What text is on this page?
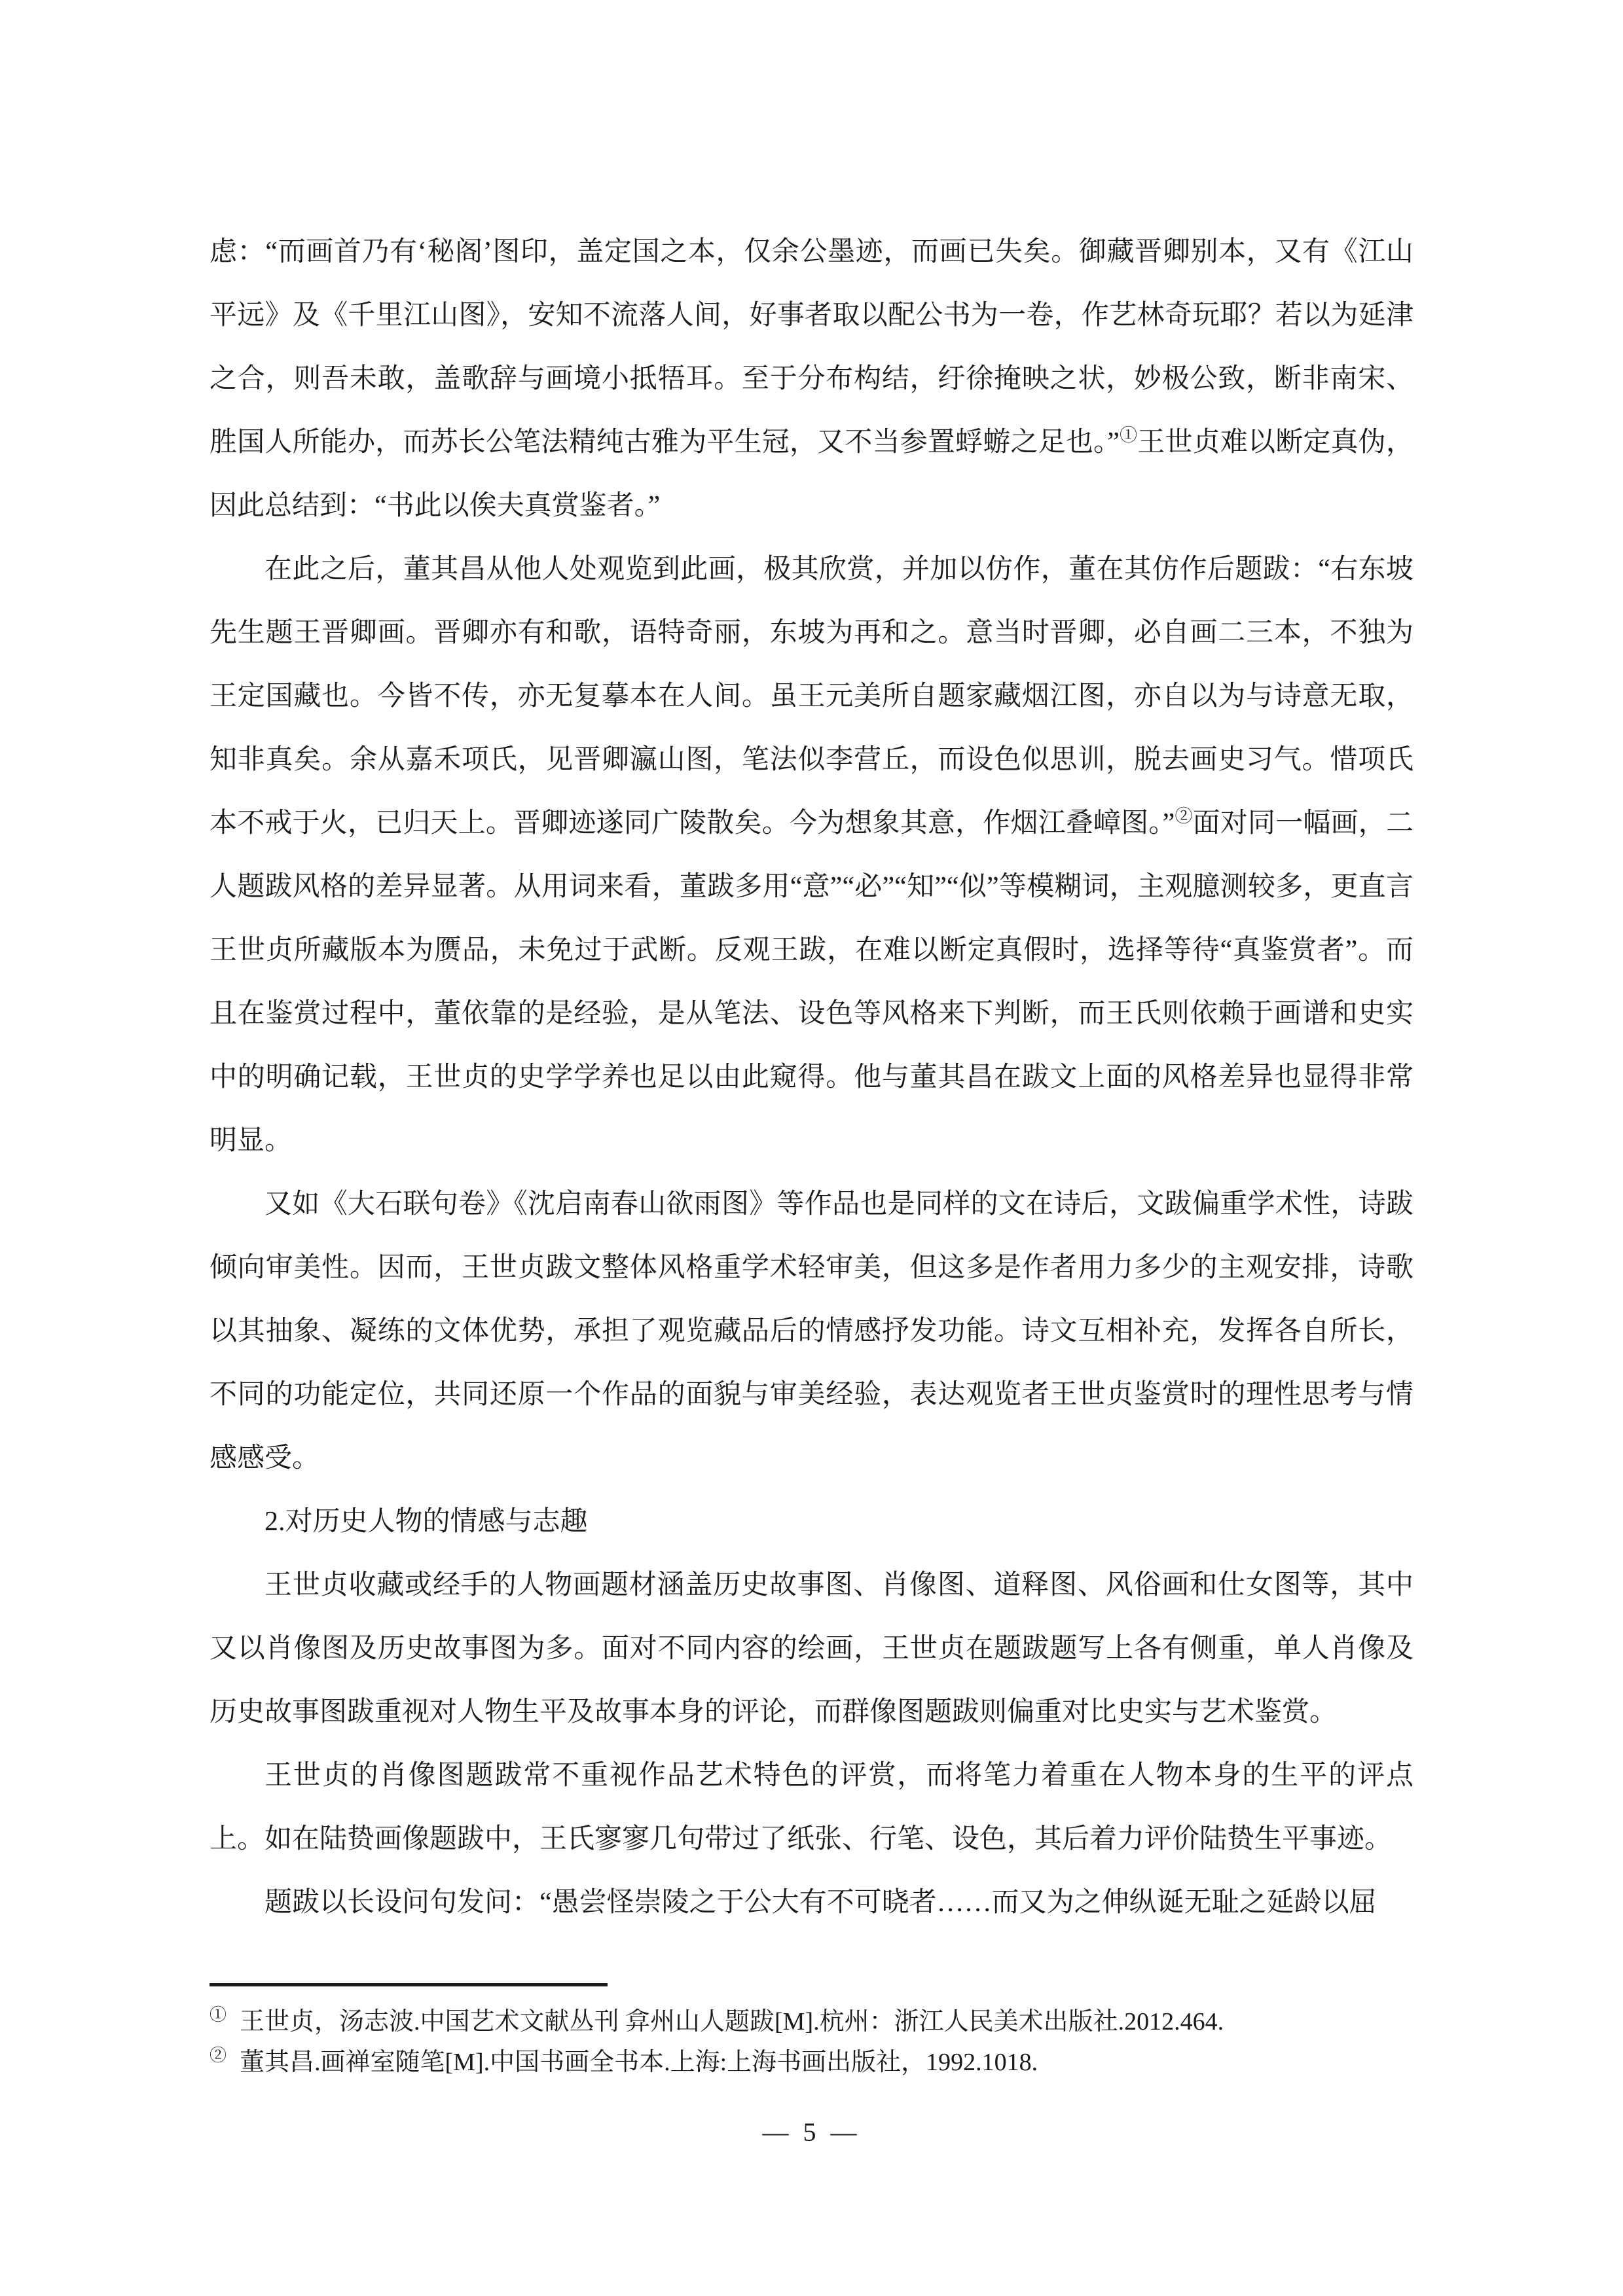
虑：“而画首乃有‘秘阁’图印，盖定国之本，仅余公墨迹，而画已失矣。御藏晋卿别本，又有《江山平远》及《千里江山图》，安知不流落人间，好事者取以配公书为一卷，作艺林奇玩耶？若以为延津之合，则吾未敢，盖歌辞与画境小抵牾耳。至于分布构结，纡徐掩映之状，妙极公致，断非南宋、胜国人所能办，而苏长公笔法精纯古雅为平生冠，又不当参置蜉蝣之足也。”①王世贞难以断定真伪，因此总结到：“书此以俟夫真赏鉴者。”

在此之后，董其昌从他人处观览到此画，极其欣赏，并加以仿作，董在其仿作后题跋：“右东坡先生题王晋卿画。晋卿亦有和歌，语特奇丽，东坡为再和之。意当时晋卿，必自画二三本，不独为王定国藏也。今皆不传，亦无复摹本在人间。虽王元美所自题家藏烟江图，亦自以为与诗意无取，知非真矣。余从嘉禾项氏，见晋卿瀛山图，笔法似李营丘，而设色似思训，脱去画史习气。惜项氏本不戒于火，已归天上。晋卿迹遂同广陵散矣。今为想象其意，作烟江叠嶂图。”②面对同一幅画，二人题跋风格的差异显著。从用词来看，董跋多用“意”“必”“知”“似”等模糊词，主观臆测较多，更直言王世贞所藏版本为赝品，未免过于武断。反观王跋，在难以断定真假时，选择等待“真鉴赏者”。而且在鉴赏过程中，董依靠的是经验，是从笔法、设色等风格来下判断，而王氏则依赖于画谱和史实中的明确记载，王世贞的史学学养也足以由此窥得。他与董其昌在跋文上面的风格差异也显得非常明显。

又如《大石联句卷》《沈启南春山欲雨图》等作品也是同样的文在诗后，文跋偏重学术性，诗跋倾向审美性。因而，王世贞跋文整体风格重学术轻审美，但这多是作者用力多少的主观安排，诗歌以其抽象、凝练的文体优势，承担了观览藏品后的情感抒发功能。诗文互相补充，发挥各自所长，不同的功能定位，共同还原一个作品的面貌与审美经验，表达观览者王世贞鉴赏时的理性思考与情感感受。

2.对历史人物的情感与志趣

王世贞收藏或经手的人物画题材涵盖历史故事图、肖像图、道释图、风俗画和仕女图等，其中又以肖像图及历史故事图为多。面对不同内容的绘画，王世贞在题跋题写上各有侧重，单人肖像及历史故事图跋重视对人物生平及故事本身的评论，而群像图题跋则偏重对比史实与艺术鉴赏。

王世贞的肖像图题跋常不重视作品艺术特色的评赏，而将笔力着重在人物本身的生平的评点上。如在陆贽画像题跋中，王氏寥寥几句带过了纸张、行笔、设色，其后着力评价陆贽生平事迹。

题跋以长设问句发问：“愚尝怪崇陵之于公大有不可晓者……而又为之伸纵诞无耻之延龄以屈

① 王世贞，汤志波.中国艺术文献丛刊 弇州山人题跋[M].杭州：浙江人民美术出版社.2012.464.

② 董其昌.画禅室随笔[M].中国书画全书本.上海:上海书画出版社，1992.1018.

— 5 —
